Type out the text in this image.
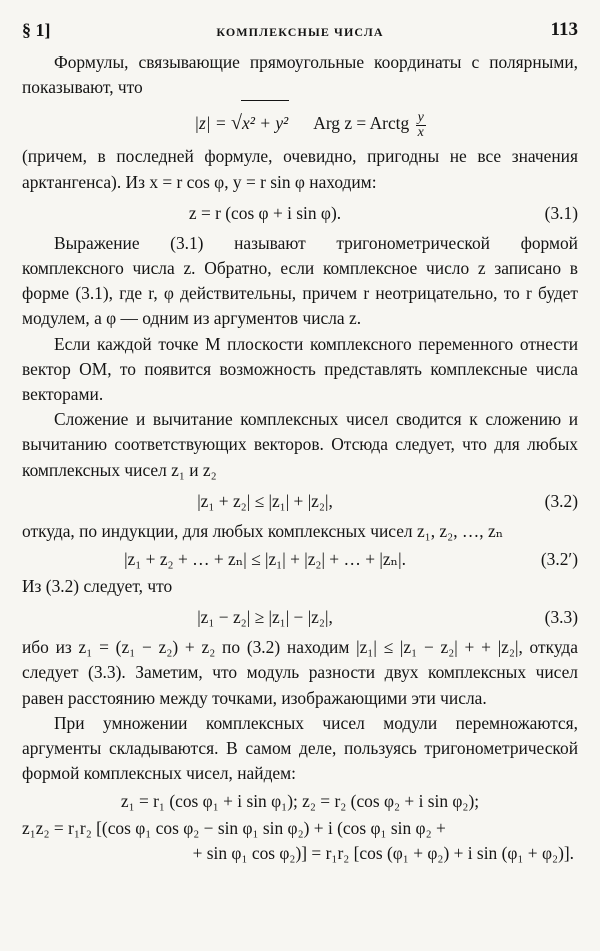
§ 1]	КОМПЛЕКСНЫЕ ЧИСЛА	113

Формулы, связывающие прямоугольные координаты с полярными, показывают, что

|z| = √x² + y² Arg z = Arctg $\frac{y}{x}$

(причем, в последней формуле, очевидно, пригодны не все значения арктангенса). Из x = r cos φ, y = r sin φ находим:

z = r (cos φ + i sin φ).	(3.1)

Выражение (3.1) называют тригонометрической формой комплексного числа z. Обратно, если комплексное число z записано в форме (3.1), где r, φ действительны, причем r неотрицательно, то r будет модулем, а φ — одним из аргументов числа z.

Если каждой точке M плоскости комплексного переменного отнести вектор OM, то появится возможность представлять комплексные числа векторами.

Сложение и вычитание комплексных чисел сводится к сложению и вычитанию соответствующих векторов. Отсюда следует, что для любых комплексных чисел z₁ и z₂

|z₁ + z₂| ≤ |z₁| + |z₂|,	(3.2)

откуда, по индукции, для любых комплексных чисел z₁, z₂, …, zₙ

|z₁ + z₂ + … + zₙ| ≤ |z₁| + |z₂| + … + |zₙ|.	(3.2′)

Из (3.2) следует, что

|z₁ − z₂| ≥ |z₁| − |z₂|,	(3.3)

ибо из z₁ = (z₁ − z₂) + z₂ по (3.2) находим |z₁| ≤ |z₁ − z₂| + + |z₂|, откуда следует (3.3). Заметим, что модуль разности двух комплексных чисел равен расстоянию между точками, изображающими эти числа.

При умножении комплексных чисел модули перемножаются, аргументы складываются. В самом деле, пользуясь тригонометрической формой комплексных чисел, найдем:

z₁ = r₁ (cos φ₁ + i sin φ₁); z₂ = r₂ (cos φ₂ + i sin φ₂);
z₁z₂ = r₁r₂ [(cos φ₁ cos φ₂ − sin φ₁ sin φ₂) + i (cos φ₁ sin φ₂ +
+ sin φ₁ cos φ₂)] = r₁r₂ [cos (φ₁ + φ₂) + i sin (φ₁ + φ₂)].
